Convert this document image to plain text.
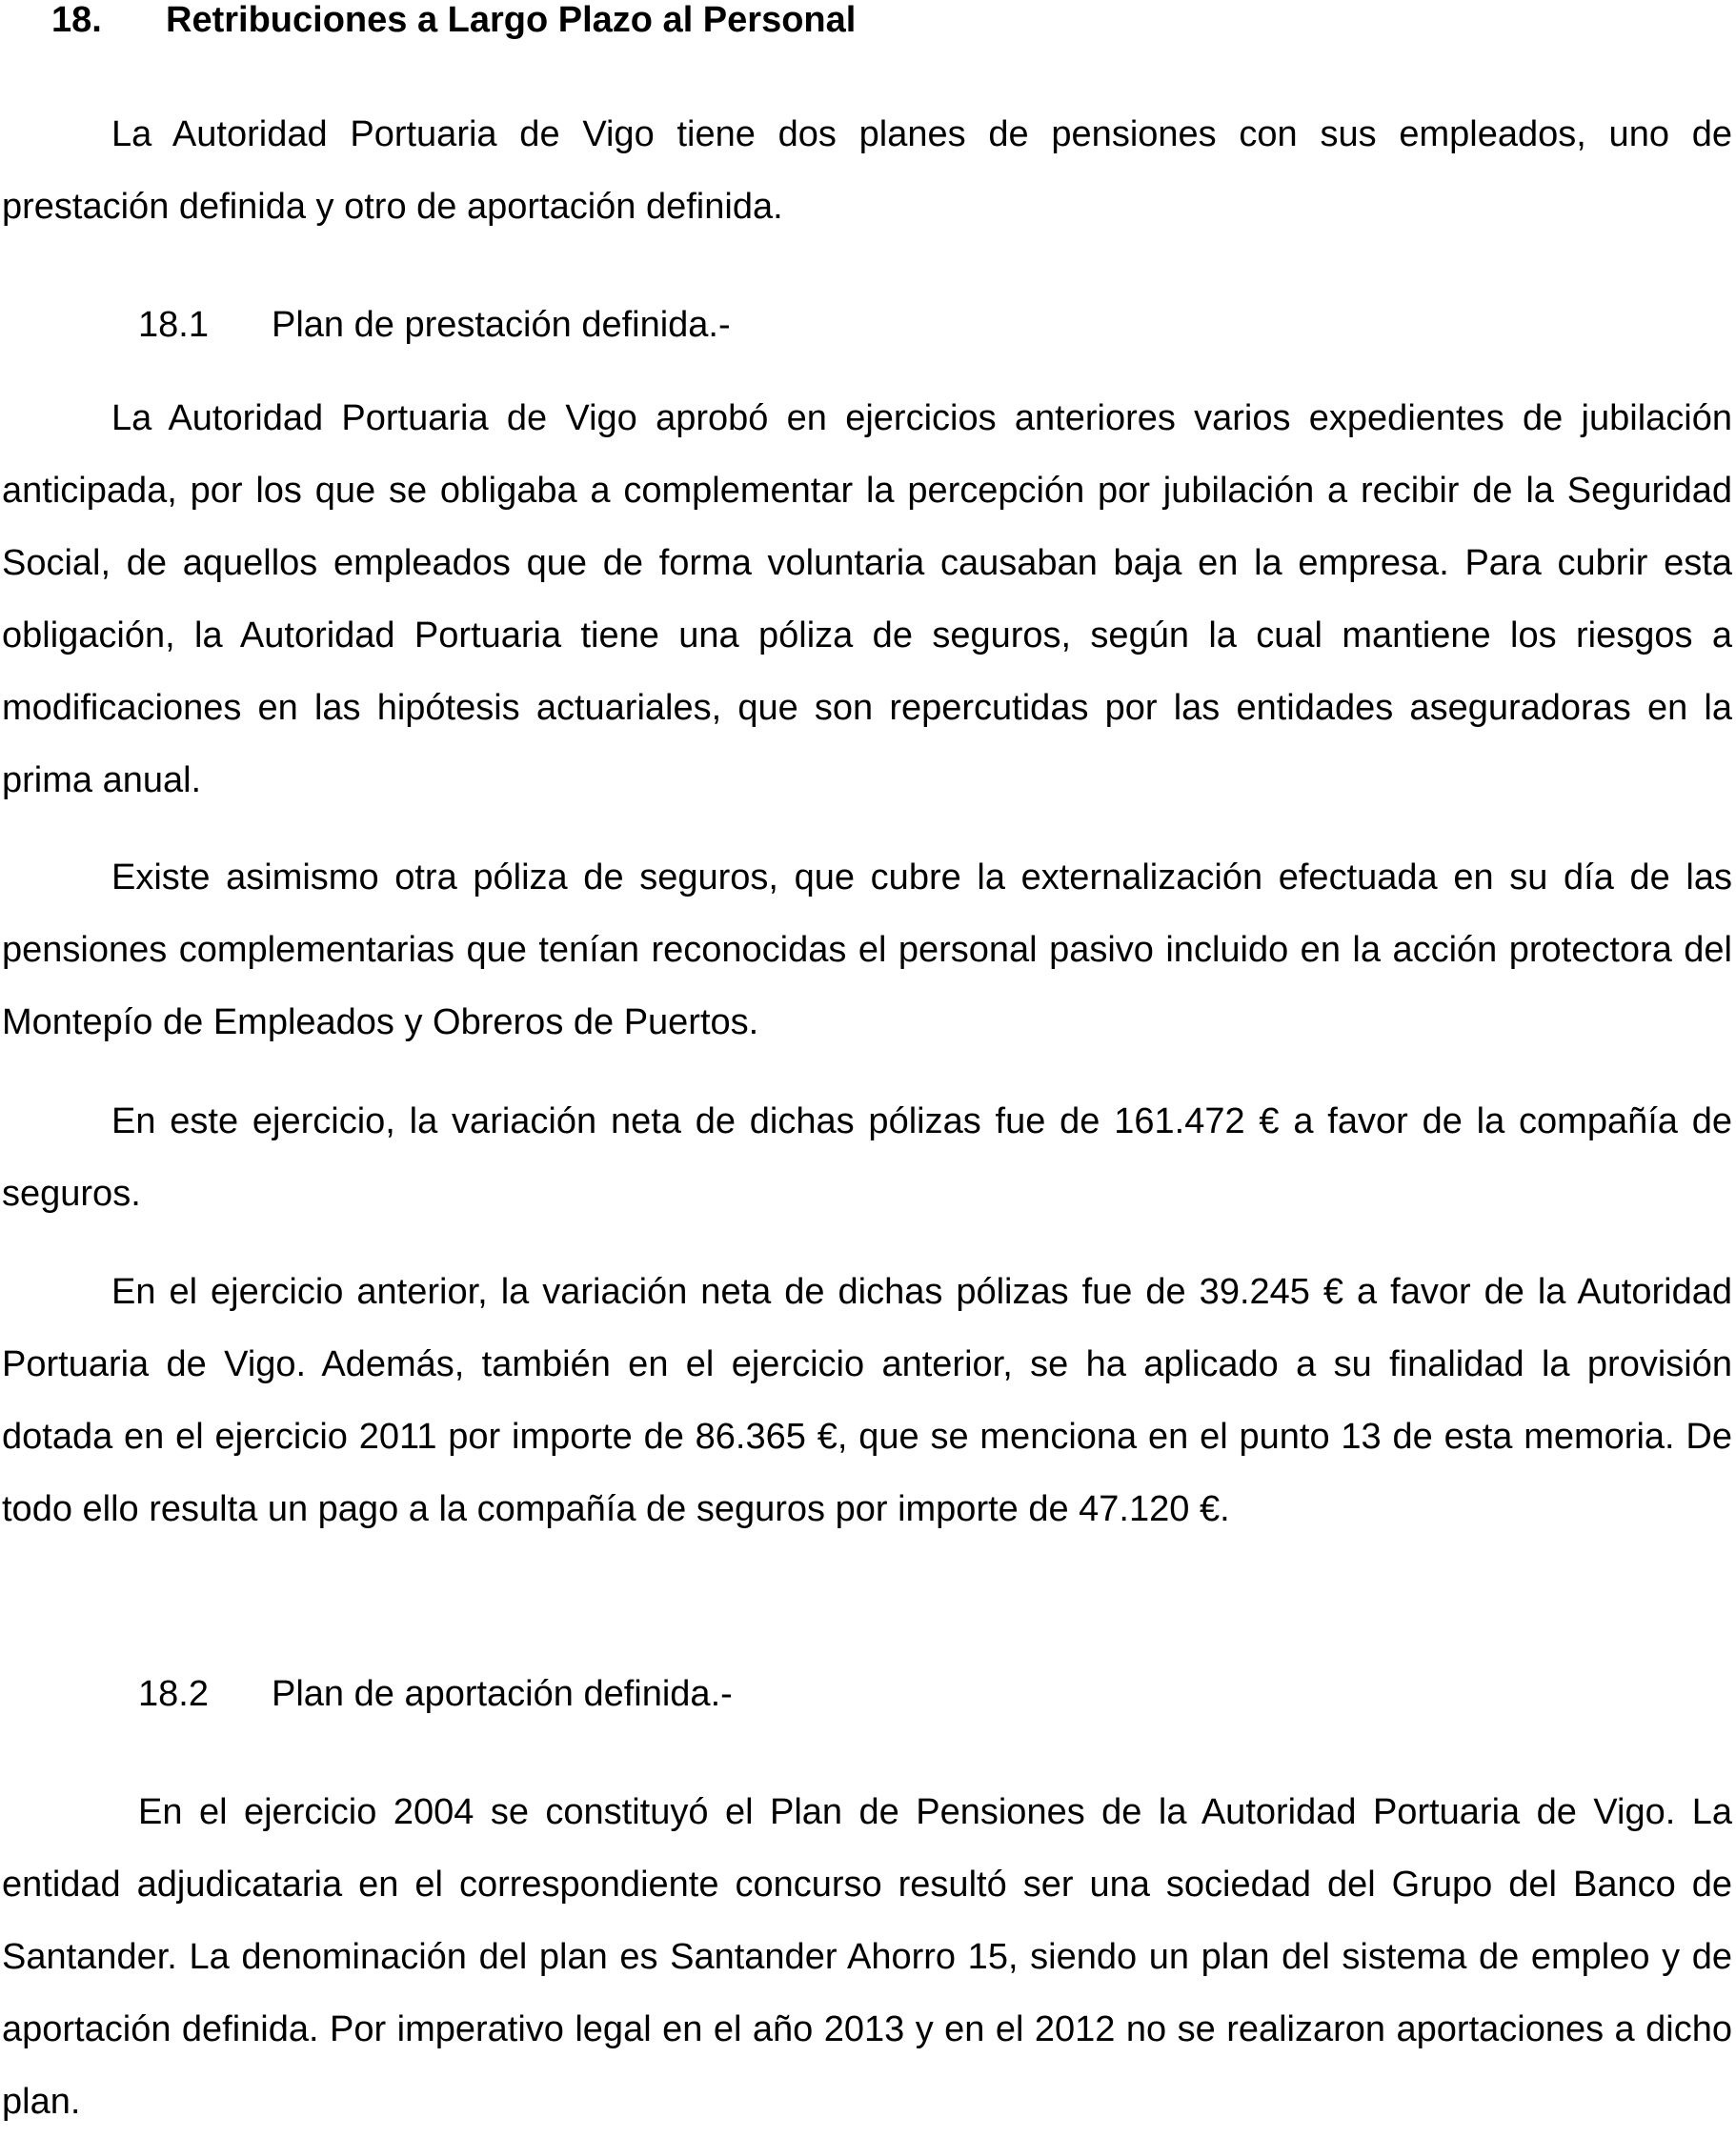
18. Retribuciones a Largo Plazo al Personal

La Autoridad Portuaria de Vigo tiene dos planes de pensiones con sus empleados, uno de prestación definida y otro de aportación definida.

18.1 Plan de prestación definida.-

La Autoridad Portuaria de Vigo aprobó en ejercicios anteriores varios expedientes de jubilación anticipada, por los que se obligaba a complementar la percepción por jubilación a recibir de la Seguridad Social, de aquellos empleados que de forma voluntaria causaban baja en la empresa. Para cubrir esta obligación, la Autoridad Portuaria tiene una póliza de seguros, según la cual mantiene los riesgos a modificaciones en las hipótesis actuariales, que son repercutidas por las entidades aseguradoras en la prima anual.

Existe asimismo otra póliza de seguros, que cubre la externalización efectuada en su día de las pensiones complementarias que tenían reconocidas el personal pasivo incluido en la acción protectora del Montepío de Empleados y Obreros de Puertos.

En este ejercicio, la variación neta de dichas pólizas fue de 161.472 € a favor de la compañía de seguros.

En el ejercicio anterior, la variación neta de dichas pólizas fue de 39.245 € a favor de la Autoridad Portuaria de Vigo. Además, también en el ejercicio anterior, se ha aplicado a su finalidad la provisión dotada en el ejercicio 2011 por importe de 86.365 €, que se menciona en el punto 13 de esta memoria. De todo ello resulta un pago a la compañía de seguros por importe de 47.120 €.

18.2 Plan de aportación definida.-

En el ejercicio 2004 se constituyó el Plan de Pensiones de la Autoridad Portuaria de Vigo. La entidad adjudicataria en el correspondiente concurso resultó ser una sociedad del Grupo del Banco de Santander. La denominación del plan es Santander Ahorro 15, siendo un plan del sistema de empleo y de aportación definida. Por imperativo legal en el año 2013 y en el 2012 no se realizaron aportaciones a dicho plan.
